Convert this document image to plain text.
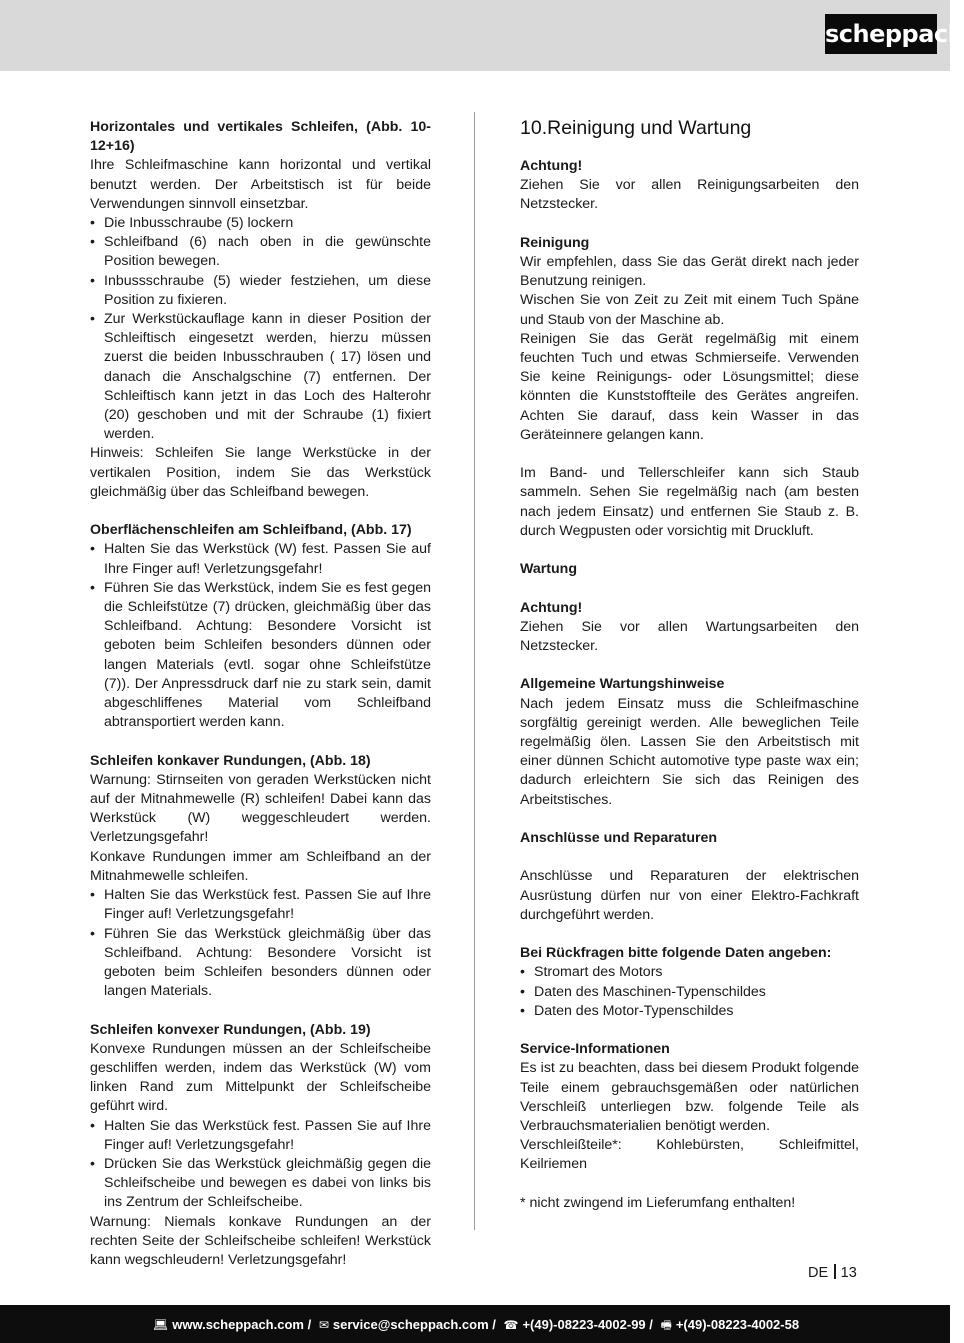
scheppach

Horizontales und vertikales Schleifen, (Abb. 10-12+16)

Ihre Schleifmaschine kann horizontal und vertikal benutzt werden. Der Arbeitstisch ist für beide Verwendungen sinnvoll einsetzbar.

• Die Inbusschraube (5) lockern
• Schleifband (6) nach oben in die gewünschte Position bewegen.
• Inbussschraube (5) wieder festziehen, um diese Position zu fixieren.
• Zur Werkstückauflage kann in dieser Position der Schleiftisch eingesetzt werden, hierzu müssen zuerst die beiden Inbusschrauben ( 17) lösen und danach die Anschalgschine (7) entfernen. Der Schleiftisch kann jetzt in das Loch des Halterohr (20) geschoben und mit der Schraube (1) fixiert werden.

Hinweis: Schleifen Sie lange Werkstücke in der vertikalen Position, indem Sie das Werkstück gleichmäßig über das Schleifband bewegen.

Oberflächenschleifen am Schleifband, (Abb. 17)

• Halten Sie das Werkstück (W) fest. Passen Sie auf Ihre Finger auf! Verletzungsgefahr!
• Führen Sie das Werkstück, indem Sie es fest gegen die Schleifstütze (7) drücken, gleichmäßig über das Schleifband. Achtung: Besondere Vorsicht ist geboten beim Schleifen besonders dünnen oder langen Materials (evtl. sogar ohne Schleifstütze (7)). Der Anpressdruck darf nie zu stark sein, damit abgeschliffenes Material vom Schleifband abtransportiert werden kann.

Schleifen konkaver Rundungen, (Abb. 18)

Warnung: Stirnseiten von geraden Werkstücken nicht auf der Mitnahmewelle (R) schleifen! Dabei kann das Werkstück (W) weggeschleudert werden. Verletzungsgefahr!

Konkave Rundungen immer am Schleifband an der Mitnahmewelle schleifen.

• Halten Sie das Werkstück fest. Passen Sie auf Ihre Finger auf! Verletzungsgefahr!
• Führen Sie das Werkstück gleichmäßig über das Schleifband. Achtung: Besondere Vorsicht ist geboten beim Schleifen besonders dünnen oder langen Materials.

Schleifen konvexer Rundungen, (Abb. 19)

Konvexe Rundungen müssen an der Schleifscheibe geschliffen werden, indem das Werkstück (W) vom linken Rand zum Mittelpunkt der Schleifscheibe geführt wird.

• Halten Sie das Werkstück fest. Passen Sie auf Ihre Finger auf! Verletzungsgefahr!
• Drücken Sie das Werkstück gleichmäßig gegen die Schleifscheibe und bewegen es dabei von links bis ins Zentrum der Schleifscheibe.

Warnung: Niemals konkave Rundungen an der rechten Seite der Schleifscheibe schleifen! Werkstück kann wegschleudern! Verletzungsgefahr!

10.Reinigung und Wartung

Achtung!

Ziehen Sie vor allen Reinigungsarbeiten den Netzstecker.

Reinigung

Wir empfehlen, dass Sie das Gerät direkt nach jeder Benutzung reinigen.

Wischen Sie von Zeit zu Zeit mit einem Tuch Späne und Staub von der Maschine ab.

Reinigen Sie das Gerät regelmäßig mit einem feuchten Tuch und etwas Schmierseife. Verwenden Sie keine Reinigungs- oder Lösungsmittel; diese könnten die Kunststoffteile des Gerätes angreifen. Achten Sie darauf, dass kein Wasser in das Geräteinnere gelangen kann.

Im Band- und Tellerschleifer kann sich Staub sammeln. Sehen Sie regelmäßig nach (am besten nach jedem Einsatz) und entfernen Sie Staub z. B. durch Wegpusten oder vorsichtig mit Druckluft.

Wartung

Achtung!

Ziehen Sie vor allen Wartungsarbeiten den Netzstecker.

Allgemeine Wartungshinweise

Nach jedem Einsatz muss die Schleifmaschine sorgfältig gereinigt werden. Alle beweglichen Teile regelmäßig ölen. Lassen Sie den Arbeitstisch mit einer dünnen Schicht automotive type paste wax ein; dadurch erleichtern Sie sich das Reinigen des Arbeitstisches.

Anschlüsse und Reparaturen

Anschlüsse und Reparaturen der elektrischen Ausrüstung dürfen nur von einer Elektro-Fachkraft durchgeführt werden.

Bei Rückfragen bitte folgende Daten angeben:

• Stromart des Motors
• Daten des Maschinen-Typenschildes
• Daten des Motor-Typenschildes

Service-Informationen

Es ist zu beachten, dass bei diesem Produkt folgende Teile einem gebrauchsgemäßen oder natürlichen Verschleiß unterliegen bzw. folgende Teile als Verbrauchsmaterialien benötigt werden.

Verschleißteile*: Kohlebürsten, Schleifmittel, Keilriemen

* nicht zwingend im Lieferumfang enthalten!

DE 13
💻︎ www.scheppach.com / ✉ service@scheppach.com / ☎ +(49)-08223-4002-99 / 🖷︎ +(49)-08223-4002-58
